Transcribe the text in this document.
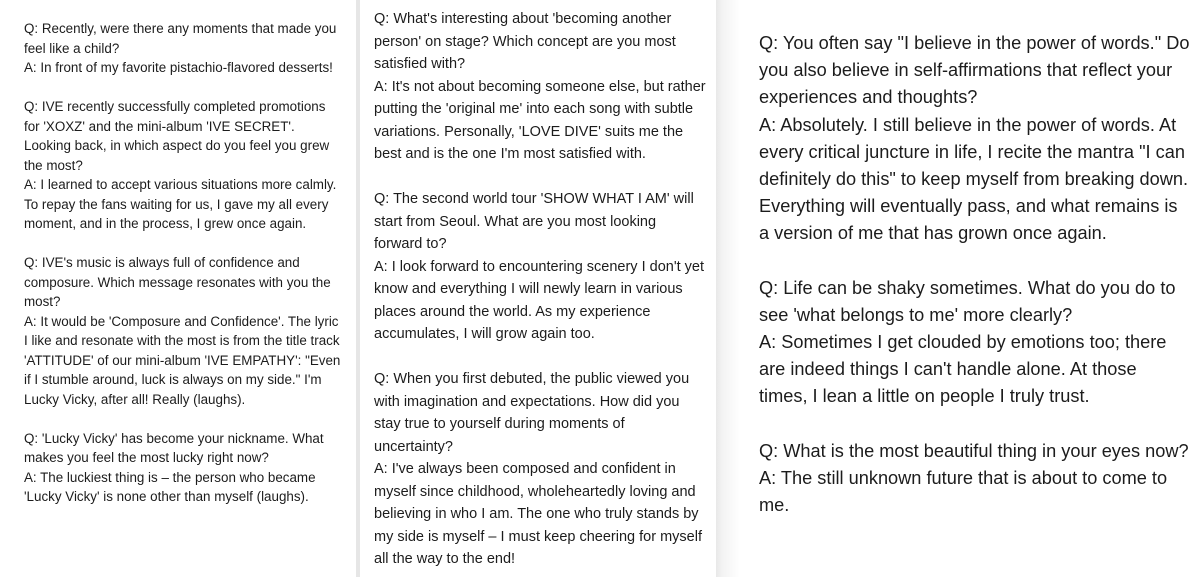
Q: Recently, were there any moments that made you feel like a child?
A: In front of my favorite pistachio-flavored desserts!
Q: IVE recently successfully completed promotions for 'XOXZ' and the mini-album 'IVE SECRET'. Looking back, in which aspect do you feel you grew the most?
A: I learned to accept various situations more calmly. To repay the fans waiting for us, I gave my all every moment, and in the process, I grew once again.
Q: IVE's music is always full of confidence and composure. Which message resonates with you the most?
A: It would be 'Composure and Confidence'. The lyric I like and resonate with the most is from the title track 'ATTITUDE' of our mini-album 'IVE EMPATHY': "Even if I stumble around, luck is always on my side." I'm Lucky Vicky, after all! Really (laughs).
Q: 'Lucky Vicky' has become your nickname. What makes you feel the most lucky right now?
A: The luckiest thing is – the person who became 'Lucky Vicky' is none other than myself (laughs).
Q: What's interesting about 'becoming another person' on stage? Which concept are you most satisfied with?
A: It's not about becoming someone else, but rather putting the 'original me' into each song with subtle variations. Personally, 'LOVE DIVE' suits me the best and is the one I'm most satisfied with.
Q: The second world tour 'SHOW WHAT I AM' will start from Seoul. What are you most looking forward to?
A: I look forward to encountering scenery I don't yet know and everything I will newly learn in various places around the world. As my experience accumulates, I will grow again too.
Q: When you first debuted, the public viewed you with imagination and expectations. How did you stay true to yourself during moments of uncertainty?
A: I've always been composed and confident in myself since childhood, wholeheartedly loving and believing in who I am. The one who truly stands by my side is myself – I must keep cheering for myself all the way to the end!
Q: You often say "I believe in the power of words." Do you also believe in self-affirmations that reflect your experiences and thoughts?
A: Absolutely. I still believe in the power of words. At every critical juncture in life, I recite the mantra "I can definitely do this" to keep myself from breaking down. Everything will eventually pass, and what remains is a version of me that has grown once again.
Q: Life can be shaky sometimes. What do you do to see 'what belongs to me' more clearly?
A: Sometimes I get clouded by emotions too; there are indeed things I can't handle alone. At those times, I lean a little on people I truly trust.
Q: What is the most beautiful thing in your eyes now?
A: The still unknown future that is about to come to me.
